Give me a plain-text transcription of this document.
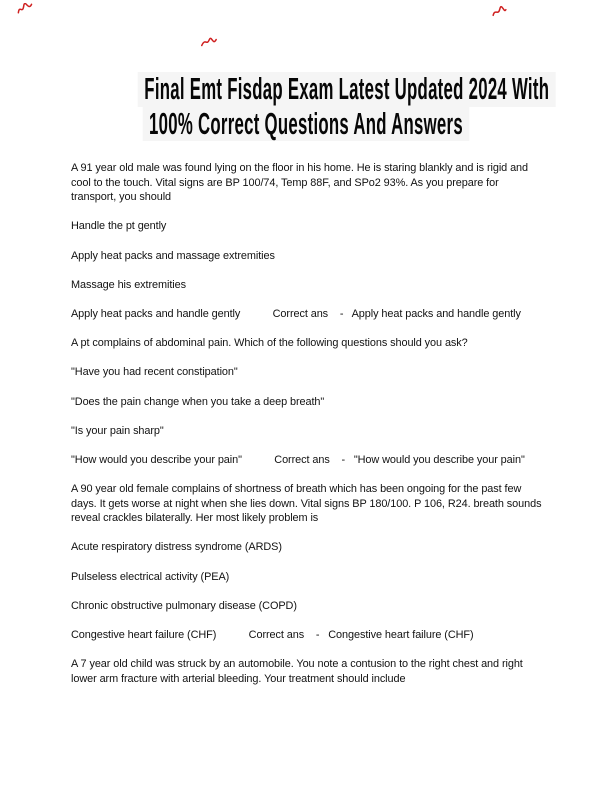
Final Emt Fisdap Exam Latest Updated 2024 With
100% Correct Questions And Answers

A 91 year old male was found lying on the floor in his home. He is staring blankly and is rigid and cool to the touch. Vital signs are BP 100/74, Temp 88F, and SPo2 93%. As you prepare for transport, you should

Handle the pt gently

Apply heat packs and massage extremities

Massage his extremities

Apply heat packs and handle gently           Correct ans    -   Apply heat packs and handle gently

A pt complains of abdominal pain. Which of the following questions should you ask?

"Have you had recent constipation"

"Does the pain change when you take a deep breath"

"Is your pain sharp"

"How would you describe your pain"           Correct ans    -   "How would you describe your pain"

A 90 year old female complains of shortness of breath which has been ongoing for the past few days. It gets worse at night when she lies down. Vital signs BP 180/100. P 106, R24. breath sounds reveal crackles bilaterally. Her most likely problem is

Acute respiratory distress syndrome (ARDS)

Pulseless electrical activity (PEA)

Chronic obstructive pulmonary disease (COPD)

Congestive heart failure (CHF)           Correct ans    -   Congestive heart failure (CHF)

A 7 year old child was struck by an automobile. You note a contusion to the right chest and right lower arm fracture with arterial bleeding. Your treatment should include
